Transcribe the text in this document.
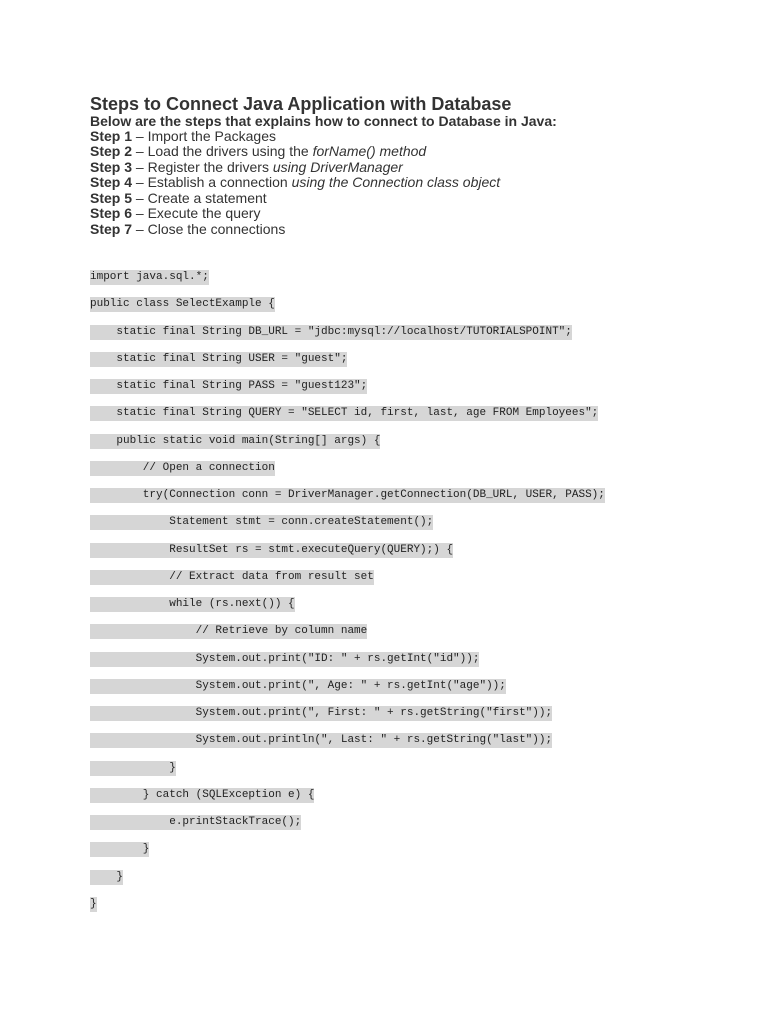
Steps to Connect Java Application with Database
Below are the steps that explains how to connect to Database in Java:
Step 1 – Import the Packages
Step 2 – Load the drivers using the forName() method
Step 3 – Register the drivers using DriverManager
Step 4 – Establish a connection using the Connection class object
Step 5 – Create a statement
Step 6 – Execute the query
Step 7 – Close the connections
import java.sql.*;
public class SelectExample {
static final String DB_URL = "jdbc:mysql://localhost/TUTORIALSPOINT";
static final String USER = "guest";
static final String PASS = "guest123";
static final String QUERY = "SELECT id, first, last, age FROM Employees";
public static void main(String[] args) {
// Open a connection
try(Connection conn = DriverManager.getConnection(DB_URL, USER, PASS);
Statement stmt = conn.createStatement();
ResultSet rs = stmt.executeQuery(QUERY);) {
// Extract data from result set
while (rs.next()) {
// Retrieve by column name
System.out.print("ID: " + rs.getInt("id"));
System.out.print(", Age: " + rs.getInt("age"));
System.out.print(", First: " + rs.getString("first"));
System.out.println(", Last: " + rs.getString("last"));
}
} catch (SQLException e) {
e.printStackTrace();
}
}
}
